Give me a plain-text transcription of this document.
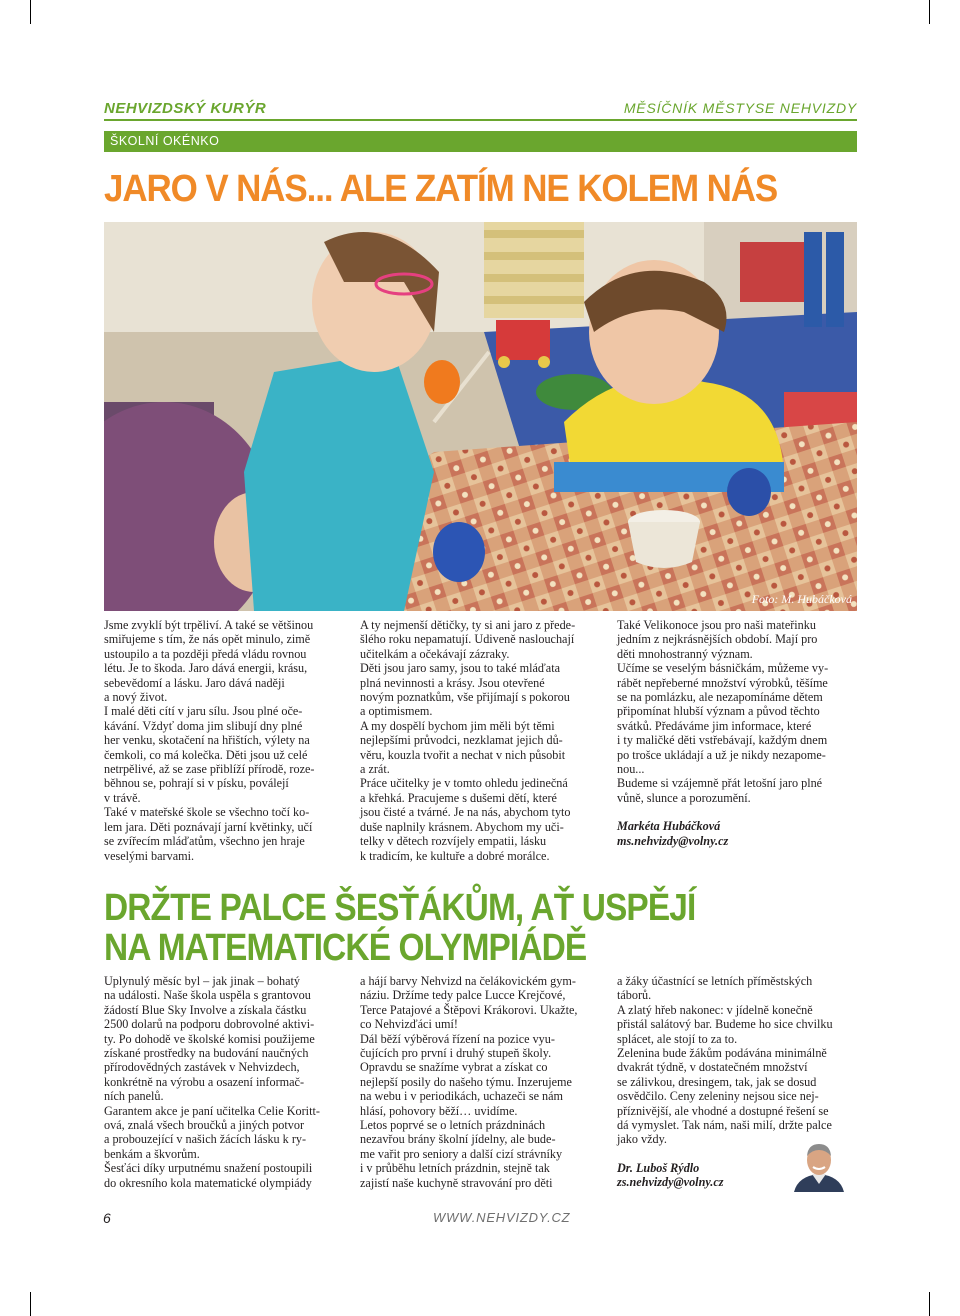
NEHVIZDSKÝ KURÝR	MĚSÍČNÍK MĚSTYSE NEHVIZDY
ŠKOLNÍ OKÉNKO
JARO V NÁS... ALE ZATÍM NE KOLEM NÁS
Foto: M. Hubáčková

Jsme zvyklí být trpěliví. A také se většinou
smiřujeme s tím, že nás opět minulo, zimě
ustoupilo a ta později předá vládu rovnou
létu. Je to škoda. Jaro dává energii, krásu,
sebevědomí a lásku. Jaro dává naději
a nový život.
I malé děti cítí v jaru sílu. Jsou plné oče-
kávání. Vždyť doma jim slibují dny plné
her venku, skotačení na hřištích, výlety na
čemkoli, co má kolečka. Děti jsou už celé
netrpělivé, až se zase přiblíží přírodě, roze-
běhnou se, pohrají si v písku, poválejí
v trávě.
Také v mateřské škole se všechno točí ko-
lem jara. Děti poznávají jarní květinky, učí
se zvířecím mláďatům, všechno jen hraje
veselými barvami.

A ty nejmenší dětičky, ty si ani jaro z přede-
šlého roku nepamatují. Udiveně naslouchají
učitelkám a očekávají zázraky.
Děti jsou jaro samy, jsou to také mláďata
plná nevinnosti a krásy. Jsou otevřené
novým poznatkům, vše přijímají s pokorou
a optimismem.
A my dospělí bychom jim měli být těmi
nejlepšími průvodci, nezklamat jejich dů-
věru, kouzla tvořit a nechat v nich působit
a zrát.
Práce učitelky je v tomto ohledu jedinečná
a křehká. Pracujeme s dušemi dětí, které
jsou čisté a tvárné. Je na nás, abychom tyto
duše naplnily krásnem. Abychom my uči-
telky v dětech rozvíjely empatii, lásku
k tradicím, ke kultuře a dobré morálce.

Také Velikonoce jsou pro naši mateřinku
jedním z nejkrásnějších období. Mají pro
děti mnohostranný význam.
Učíme se veselým básničkám, můžeme vy-
rábět nepřeberné množství výrobků, těšíme
se na pomlázku, ale nezapomínáme dětem
připomínat hlubší význam a původ těchto
svátků. Předáváme jim informace, které
i ty maličké děti vstřebávají, každým dnem
po trošce ukládají a už je nikdy nezapome-
nou...
Budeme si vzájemně přát letošní jaro plné
vůně, slunce a porozumění.

Markéta Hubáčková

ms.nehvizdy@volny.cz

DRŽTE PALCE ŠESŤÁKŮM, AŤ USPĚJÍ
NA MATEMATICKÉ OLYMPIÁDĚ

Uplynulý měsíc byl – jak jinak – bohatý
na události. Naše škola uspěla s grantovou
žádostí Blue Sky Involve a získala částku
2500 dolarů na podporu dobrovolné aktivi-
ty. Po dohodě ve školské komisi použijeme
získané prostředky na budování naučných
přírodovědných zastávek v Nehvizdech,
konkrétně na výrobu a osazení informač-
ních panelů.
Garantem akce je paní učitelka Celie Koritt-
ová, znalá všech broučků a jiných potvor
a probouzející v našich žácích lásku k ry-
benkám a škvorům.
Šesťáci díky urputnému snažení postoupili
do okresního kola matematické olympiády

a hájí barvy Nehvizd na čelákovickém gym-
náziu. Držíme tedy palce Lucce Krejčové,
Terce Patajové a Štěpovi Krákorovi. Ukažte,
co Nehvizďáci umí!
Dál běží výběrová řízení na pozice vyu-
čujících pro první i druhý stupeň školy.
Opravdu se snažíme vybrat a získat co
nejlepší posily do našeho týmu. Inzerujeme
na webu i v periodikách, uchazeči se nám
hlásí, pohovory běží… uvidíme.
Letos poprvé se o letních prázdninách
nezavřou brány školní jídelny, ale bude-
me vařit pro seniory a další cizí strávníky
i v průběhu letních prázdnin, stejně tak
zajistí naše kuchyně stravování pro děti

a žáky účastnící se letních příměstských
táborů.
A zlatý hřeb nakonec: v jídelně konečně
přistál salátový bar. Budeme ho sice chvilku
splácet, ale stojí to za to.
Zelenina bude žákům podávána minimálně
dvakrát týdně, v dostatečném množství
se zálivkou, dresingem, tak, jak se dosud
osvědčilo. Ceny zeleniny nejsou sice nej-
příznivější, ale vhodné a dostupné řešení se
dá vymyslet. Tak nám, naši milí, držte palce
jako vždy.

Dr. Luboš Rýdlo

zs.nehvizdy@volny.cz

6	WWW.NEHVIZDY.CZ
